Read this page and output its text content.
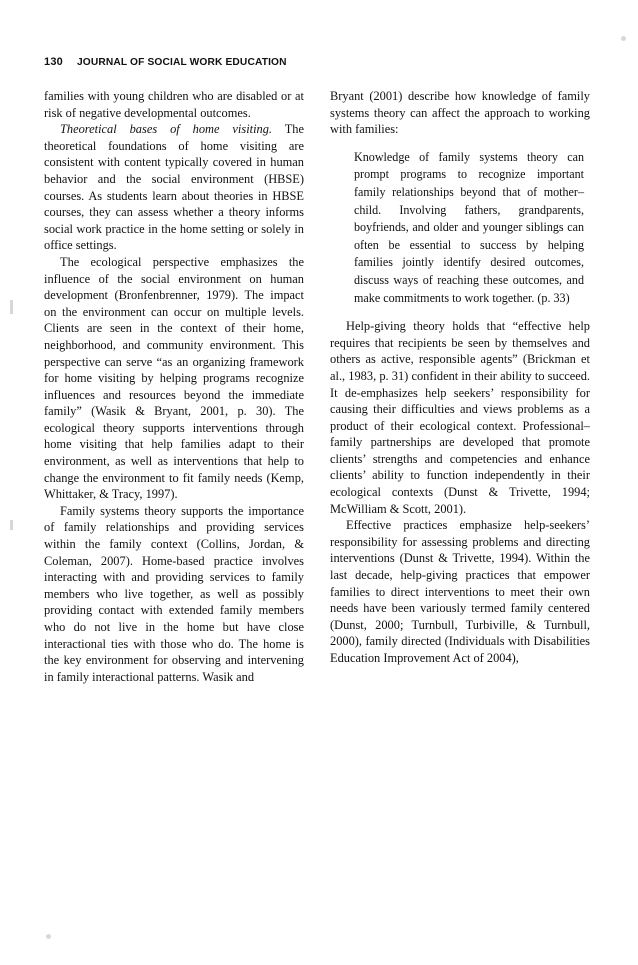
130 JOURNAL OF SOCIAL WORK EDUCATION

families with young children who are disabled or at risk of negative developmental outcomes.

Theoretical bases of home visiting. The theoretical foundations of home visiting are consistent with content typically covered in human behavior and the social environment (HBSE) courses. As students learn about theories in HBSE courses, they can assess whether a theory informs social work practice in the home setting or solely in office settings.

The ecological perspective emphasizes the influence of the social environment on human development (Bronfenbrenner, 1979). The impact on the environment can occur on multiple levels. Clients are seen in the context of their home, neighborhood, and community environment. This perspective can serve “as an organizing framework for home visiting by helping programs recognize influences and resources beyond the immediate family” (Wasik & Bryant, 2001, p. 30). The ecological theory supports interventions through home visiting that help families adapt to their environment, as well as interventions that help to change the environment to fit family needs (Kemp, Whittaker, & Tracy, 1997).

Family systems theory supports the importance of family relationships and providing services within the family context (Collins, Jordan, & Coleman, 2007). Home-based practice involves interacting with and providing services to family members who live together, as well as possibly providing contact with extended family members who do not live in the home but have close interactional ties with those who do. The home is the key environment for observing and intervening in family interactional patterns. Wasik and

Bryant (2001) describe how knowledge of family systems theory can affect the approach to working with families:

Knowledge of family systems theory can prompt programs to recognize important family relationships beyond that of mother–child. Involving fathers, grandparents, boyfriends, and older and younger siblings can often be essential to success by helping families jointly identify desired outcomes, discuss ways of reaching these outcomes, and make commitments to work together. (p. 33)

Help-giving theory holds that “effective help requires that recipients be seen by themselves and others as active, responsible agents” (Brickman et al., 1983, p. 31) confident in their ability to succeed. It de-emphasizes help seekers’ responsibility for causing their difficulties and views problems as a product of their ecological context. Professional–family partnerships are developed that promote clients’ strengths and competencies and enhance clients’ ability to function independently in their ecological contexts (Dunst & Trivette, 1994; McWilliam & Scott, 2001).

Effective practices emphasize help-seekers’ responsibility for assessing problems and directing interventions (Dunst & Trivette, 1994). Within the last decade, help-giving practices that empower families to direct interventions to meet their own needs have been variously termed family centered (Dunst, 2000; Turnbull, Turbiville, & Turnbull, 2000), family directed (Individuals with Disabilities Education Improvement Act of 2004),
